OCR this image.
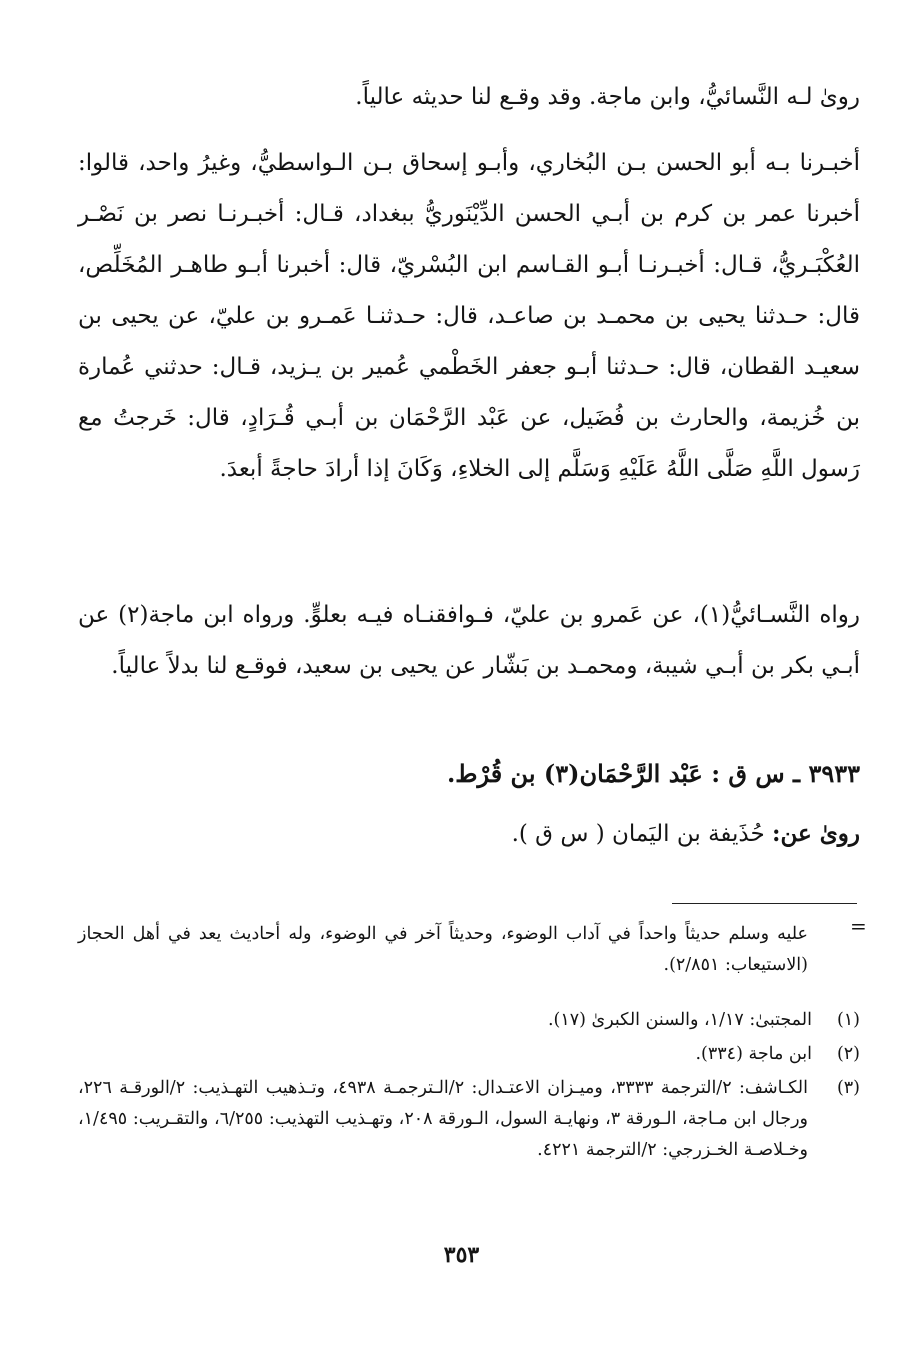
روىٰ لـه النَّسائيُّ، وابن ماجة. وقد وقـع لنا حديثه عالياً.

أخبـرنا بـه أبو الحسن بـن البُخاري، وأبـو إسحاق بـن الـواسطيُّ، وغيرُ واحد، قالوا: أخبرنا عمر بن كرم بن أبـي الحسن الدِّيْنَوريُّ ببغداد، قـال: أخبـرنـا نصر بن نَصْـر العُكْبَـريُّ، قـال: أخبـرنـا أبـو القـاسم ابن البُسْريّ، قال: أخبرنا أبـو طاهـر المُخَلِّص، قال: حـدثنا يحيى بن محمـد بن صاعـد، قال: حـدثنـا عَمـرو بن عليّ، عن يحيى بن سعيـد القطان، قال: حـدثنا أبـو جعفر الخَطْمي عُمير بن يـزيد، قـال: حدثني عُمارة بن خُزيمة، والحارث بن فُضَيل، عن عَبْد الرَّحْمَان بن أبـي قُـرَادٍ، قال: خَرجتُ مع رَسول اللَّهِ صَلَّى اللَّهُ عَلَيْهِ وَسَلَّم إلى الخلاءِ، وَكَانَ إذا أرادَ حاجةً أبعدَ.

رواه النَّسـائيُّ(١)، عن عَمرو بن عليّ، فـوافقنـاه فيـه بعلوٍّ. ورواه ابن ماجة(٢) عن أبـي بكر بن أبـي شيبة، ومحمـد بن بَشّار عن يحيى بن سعيد، فوقـع لنا بدلاً عالياً.

٣٩٣٣ ـ س ق : عَبْد الرَّحْمَان(٣) بن قُرْط.

روىٰ عن: حُذَيفة بن اليَمان ( س ق ).

=

عليه وسلم حديثاً واحداً في آداب الوضوء، وحديثاً آخر في الوضوء، وله أحاديث يعد في أهل الحجاز (الاستيعاب: ٢/٨٥١).

(١)المجتبىٰ: ١/١٧، والسنن الكبرىٰ (١٧).

(٢)ابن ماجة (٣٣٤).

(٣)

الكـاشف: ٢/الترجمة ٣٣٣٣، وميـزان الاعتـدال: ٢/الـترجمـة ٤٩٣٨، وتـذهيب التهـذيب: ٢/الورقـة ٢٢٦، ورجال ابن مـاجة، الـورقة ٣، ونهايـة السول، الـورقة ٢٠٨، وتهـذيب التهذيب: ٦/٢٥٥، والتقـريب: ١/٤٩٥، وخـلاصـة الخـزرجي: ٢/الترجمة ٤٢٢١.

٣٥٣
